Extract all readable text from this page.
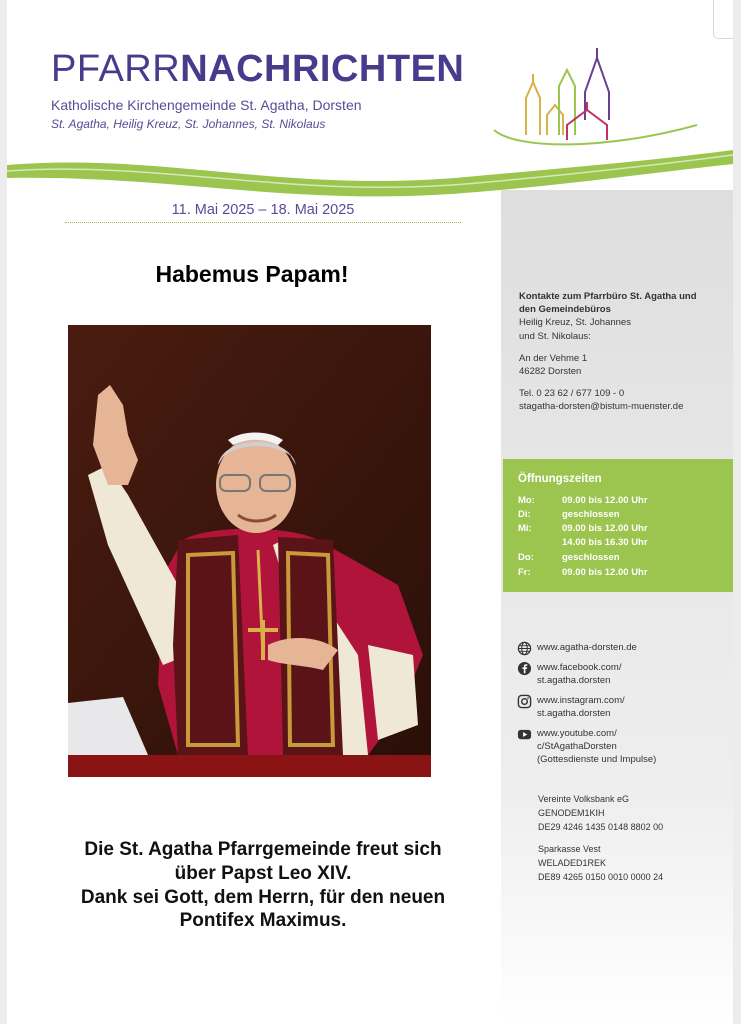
PFARRNACHRICHTEN
Katholische Kirchengemeinde St. Agatha, Dorsten
St. Agatha, Heilig Kreuz, St. Johannes, St. Nikolaus
11. Mai 2025 – 18. Mai 2025
Habemus Papam!
Die St. Agatha Pfarrgemeinde freut sich
über Papst Leo XIV.
Dank sei Gott, dem Herrn, für den neuen
Pontifex Maximus.
Kontakte zum Pfarrbüro St. Agatha und
den Gemeindebüros
Heilig Kreuz, St. Johannes
und St. Nikolaus:
An der Vehme 1
46282 Dorsten
Tel. 0 23 62 / 677 109 - 0
stagatha-dorsten@bistum-muenster.de
Öffnungszeiten
Mo:	09.00 bis 12.00 Uhr
Di:	geschlossen
Mi:	09.00 bis 12.00 Uhr
14.00 bis 16.30 Uhr
Do:	geschlossen
Fr:	09.00 bis 12.00 Uhr
www.agatha-dorsten.de
www.facebook.com/
st.agatha.dorsten
www.instagram.com/
st.agatha.dorsten
www.youtube.com/
c/StAgathaDorsten
(Gottesdienste und Impulse)
Vereinte Volksbank eG
GENODEM1KIH
DE29 4246 1435 0148 8802 00
Sparkasse Vest
WELADED1REK
DE89 4265 0150 0010 0000 24
